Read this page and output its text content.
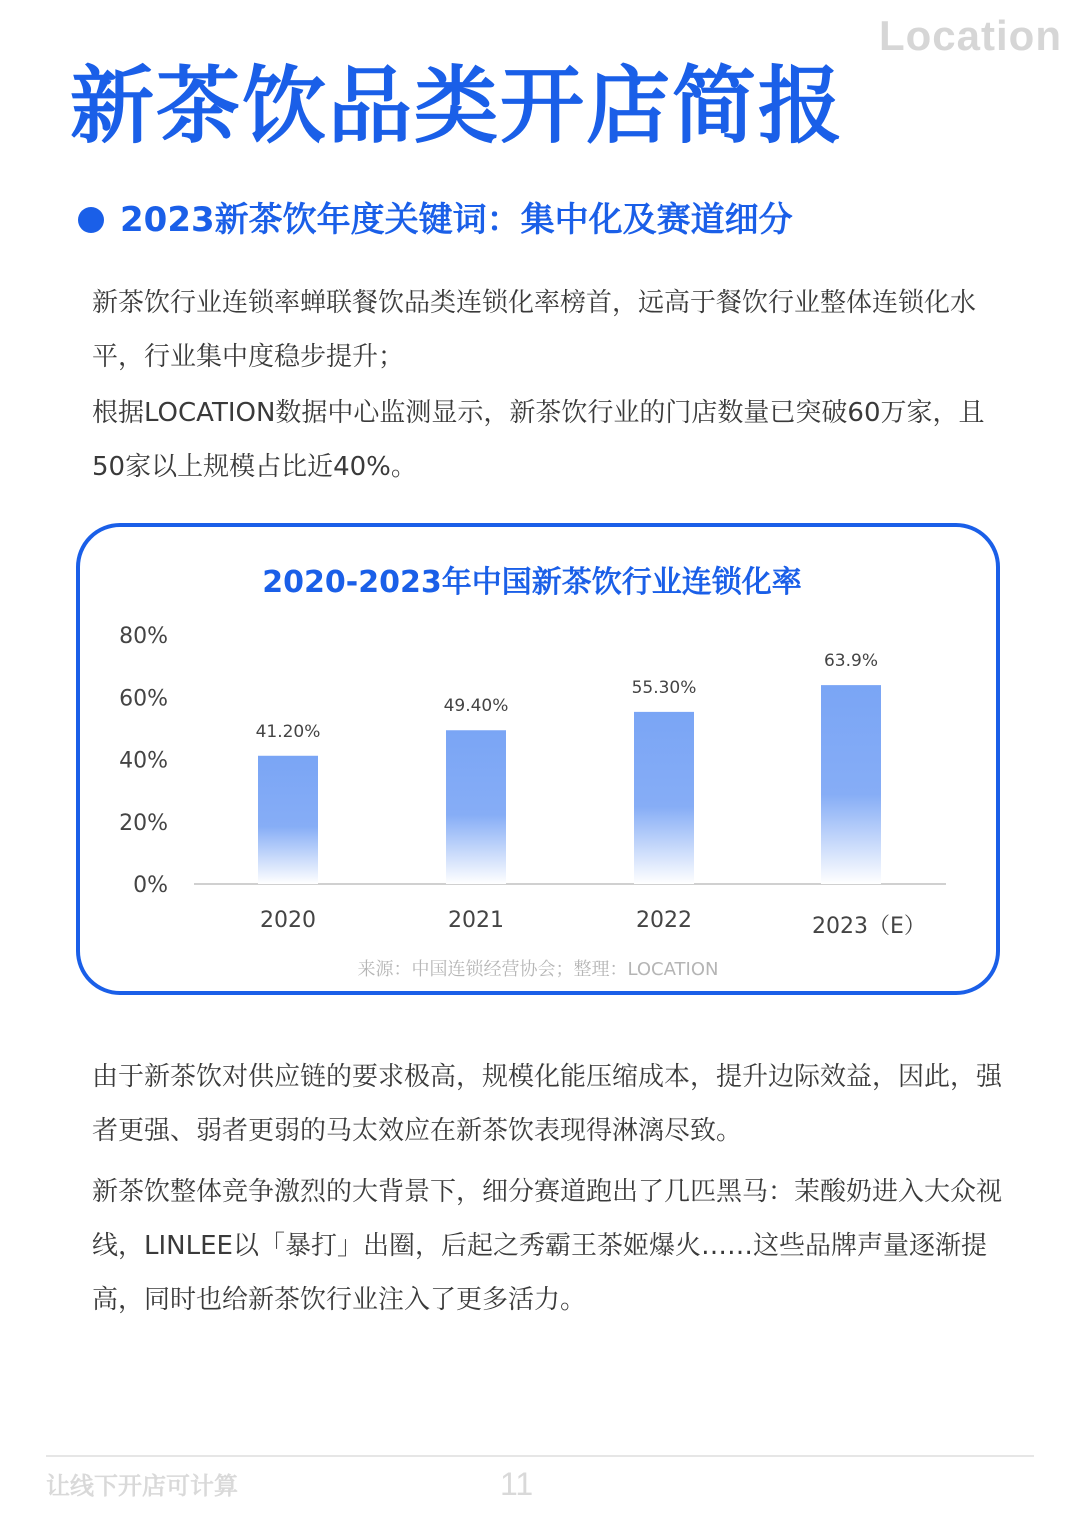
Location
新茶饮品类开店简报
2023新茶饮年度关键词：集中化及赛道细分

新茶饮行业连锁率蝉联餐饮品类连锁化率榜首，远高于餐饮行业整体连锁化水平，行业集中度稳步提升；

根据LOCATION数据中心监测显示，新茶饮行业的门店数量已突破60万家，且50家以上规模占比近40%。

2020-2023年中国新茶饮行业连锁化率
0%
20%
40%
60%
80%
41.20%
2020
49.40%
2021
55.30%
2022
63.9%
2023（E）
来源：中国连锁经营协会；整理：LOCATION

由于新茶饮对供应链的要求极高，规模化能压缩成本，提升边际效益，因此，强者更强、弱者更弱的马太效应在新茶饮表现得淋漓尽致。

新茶饮整体竞争激烈的大背景下，细分赛道跑出了几匹黑马：茉酸奶进入大众视线，LINLEE以「暴打」出圈，后起之秀霸王茶姬爆火……这些品牌声量逐渐提高，同时也给新茶饮行业注入了更多活力。

让线下开店可计算	11
